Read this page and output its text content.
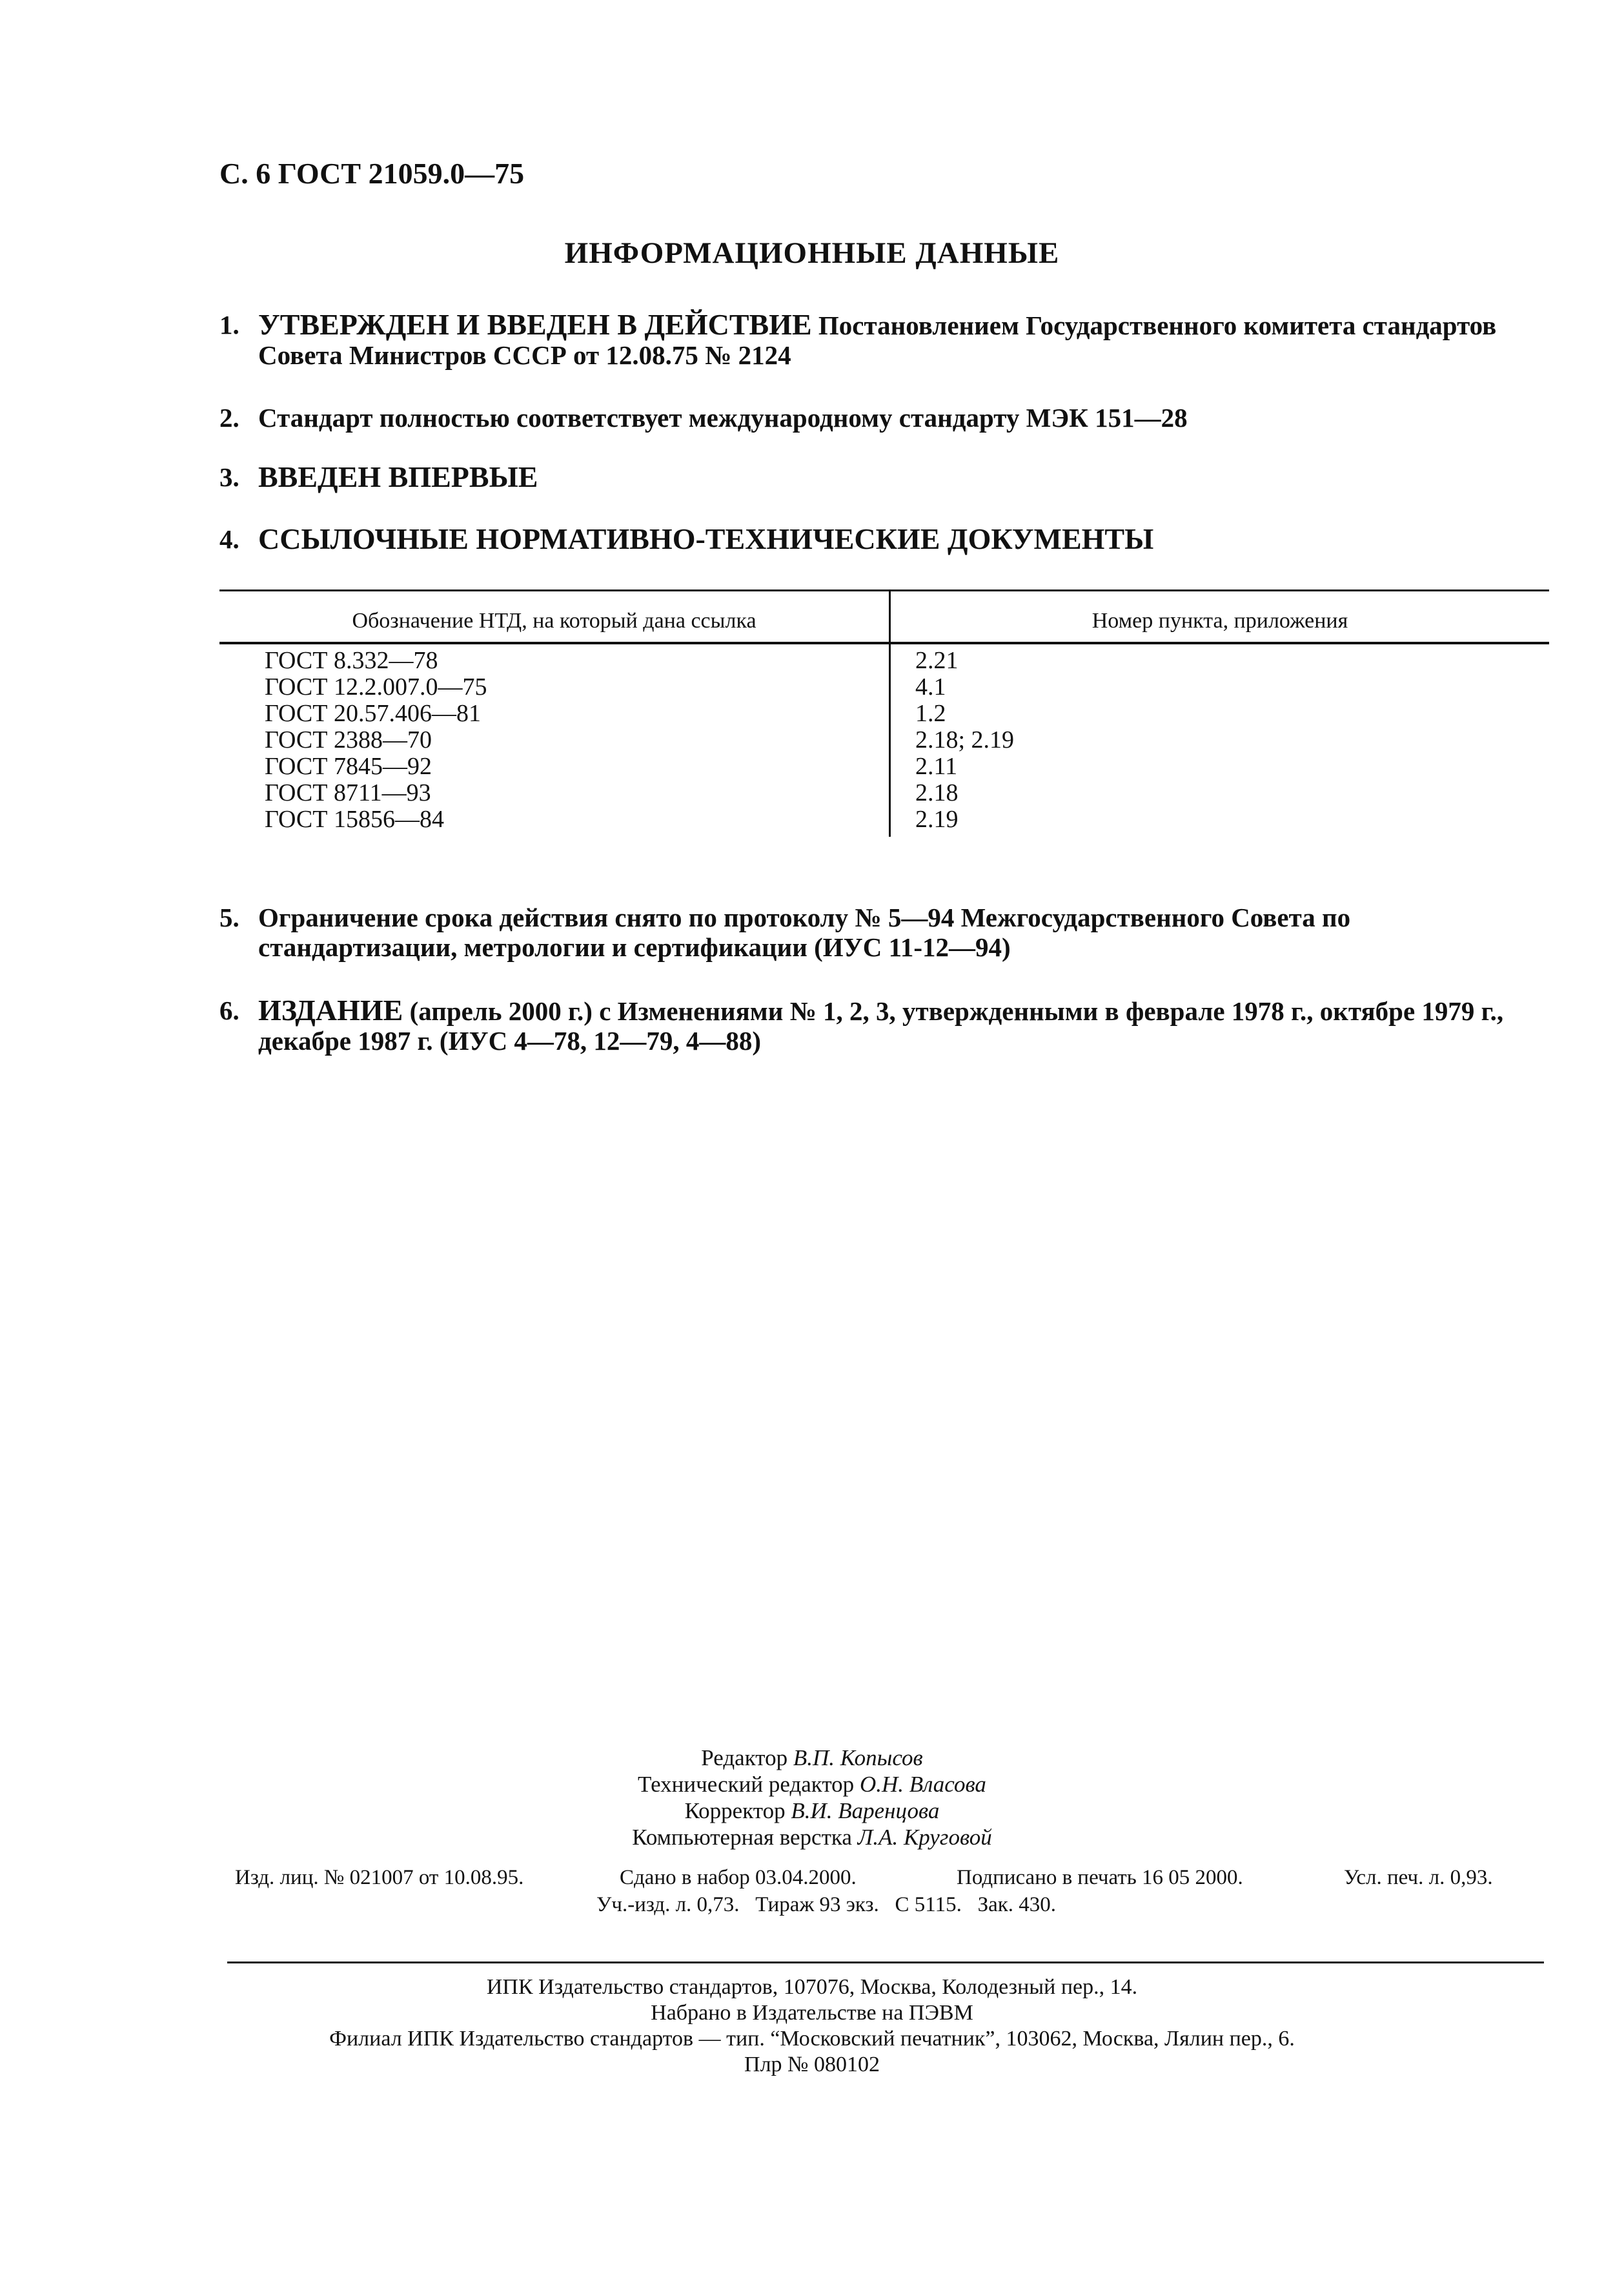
С. 6 ГОСТ 21059.0—75
ИНФОРМАЦИОННЫЕ ДАННЫЕ
1. УТВЕРЖДЕН И ВВЕДЕН В ДЕЙСТВИЕ Постановлением Государственного комитета стандартов Совета Министров СССР от 12.08.75 № 2124
2. Стандарт полностью соответствует международному стандарту МЭК 151—28
3. ВВЕДЕН ВПЕРВЫЕ
4. ССЫЛОЧНЫЕ НОРМАТИВНО-ТЕХНИЧЕСКИЕ ДОКУМЕНТЫ
Обозначение НТД, на который дана ссылка	Номер пункта, приложения
ГОСТ 8.332—78	2.21
ГОСТ 12.2.007.0—75	4.1
ГОСТ 20.57.406—81	1.2
ГОСТ 2388—70	2.18; 2.19
ГОСТ 7845—92	2.11
ГОСТ 8711—93	2.18
ГОСТ 15856—84	2.19
5. Ограничение срока действия снято по протоколу № 5—94 Межгосударственного Совета по стандартизации, метрологии и сертификации (ИУС 11-12—94)
6. ИЗДАНИЕ (апрель 2000 г.) с Изменениями № 1, 2, 3, утвержденными в феврале 1978 г., октябре 1979 г., декабре 1987 г. (ИУС 4—78, 12—79, 4—88)
Редактор В.П. Копысов
Технический редактор О.Н. Власова
Корректор В.И. Варенцова
Компьютерная верстка Л.А. Круговой
Изд. лиц. № 021007 от 10.08.95.	Сдано в набор 03.04.2000.	Подписано в печать 16 05 2000.	Усл. печ. л. 0,93.
Уч.-изд. л. 0,73.   Тираж 93 экз.   С 5115.   Зак. 430.
ИПК Издательство стандартов, 107076, Москва, Колодезный пер., 14.
Набрано в Издательстве на ПЭВМ
Филиал ИПК Издательство стандартов — тип. “Московский печатник”, 103062, Москва, Лялин пер., 6.
Плр № 080102
